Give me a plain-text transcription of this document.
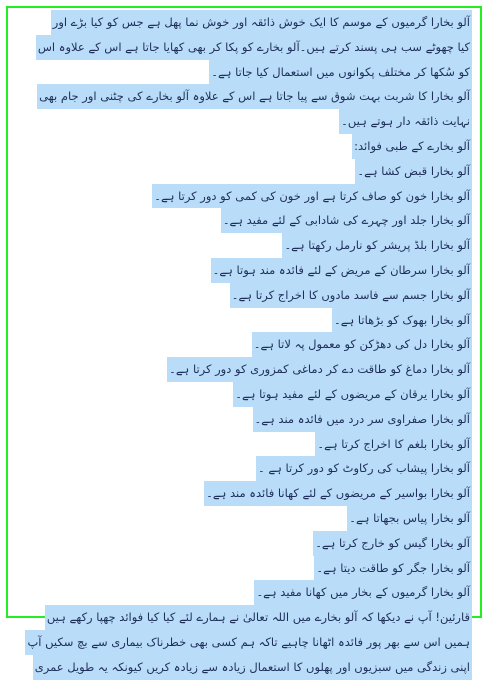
آلو بخارا گرمیوں کے موسم کا ایک خوش ذائقہ اور خوش نما پھل ہے جس کو کیا بڑے اور
کیا چھوٹے سب ہی پسند کرتے ہیں۔آلو بخارے کو پکا کر بھی کھایا جاتا ہے اس کے علاوہ اس
کو سُکھا کر مختلف پکوانوں میں استعمال کیا جاتا ہے۔
آلو بخارا کا شربت بہت شوق سے پیا جاتا ہے اس کے علاوہ آلو بخارے کی چٹنی اور جام بھی
نہایت ذائقہ دار ہوتے ہیں۔
آلو بخارے کے طبی فوائد:
آلو بخارا قبض کشا ہے۔
آلو بخارا خون کو صاف کرتا ہے اور خون کی کمی کو دور کرتا ہے۔
آلو بخارا جلد اور چہرے کی شادابی کے لئے مفید ہے۔
آلو بخارا بلڈ پریشر کو نارمل رکھتا ہے۔
آلو بخارا سرطان کے مریض کے لئے فائدہ مند ہوتا ہے۔
آلو بخارا جسم سے فاسد مادوں کا اخراج کرتا ہے۔
آلو بخارا بھوک کو بڑھاتا ہے۔
آلو بخارا دل کی دھڑکن کو معمول پہ لاتا ہے۔
آلو بخارا دماغ کو طاقت دے کر دماغی کمزوری کو دور کرتا ہے۔
آلو بخارا یرقان کے مریضوں کے لئے مفید ہوتا ہے۔
آلو بخارا صفراوی سر درد میں فائدہ مند ہے۔
آلو بخارا بلغم کا اخراج کرتا ہے۔
آلو بخارا پیشاب کی رکاوٹ کو دور کرتا ہے ۔
آلو بخارا بواسیر کے مریضوں کے لئے کھانا فائدہ مند ہے۔
آلو بخارا پیاس بجھاتا ہے۔
آلو بخارا گیس کو خارج کرتا ہے۔
آلو بخارا جگر کو طاقت دیتا ہے۔
آلو بخارا گرمیوں کے بخار میں کھانا مفید ہے۔
قارئین! آپ نے دیکھا کہ آلو بخارے میں اللہ تعالیٰ نے ہمارے لئے کیا کیا فوائد چھپا رکھے ہیں
ہمیں اس سے بھر پور فائدہ اٹھانا چاہیے تاکہ ہم کسی بھی خطرناک بیماری سے بچ سکیں آپ
اپنی زندگی میں سبزیوں اور پھلوں کا استعمال زیادہ سے زیادہ کریں کیونکہ یہ طویل عمری
